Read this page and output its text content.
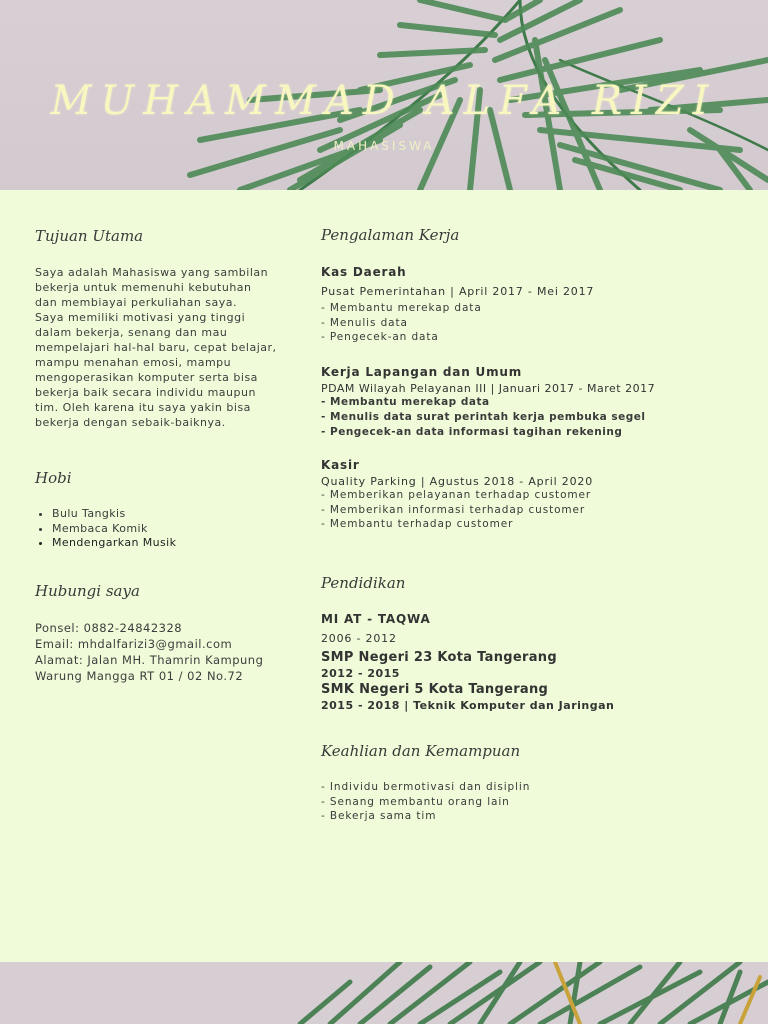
MUHAMMAD ALFA RIZI
MAHASISWA

Tujuan Utama

Saya adalah Mahasiswa yang sambilan

bekerja untuk memenuhi kebutuhan

dan membiayai perkuliahan saya.

Saya memiliki motivasi yang tinggi

dalam bekerja, senang dan mau

mempelajari hal-hal baru, cepat belajar,

mampu menahan emosi, mampu

mengoperasikan komputer serta bisa

bekerja baik secara individu maupun

tim. Oleh karena itu saya yakin bisa

bekerja dengan sebaik-baiknya.

Hobi

• Bulu Tangkis
• Membaca Komik
• Mendengarkan Musik

Hubungi saya

Ponsel: 0882-24842328

Email: mhdalfarizi3@gmail.com

Alamat: Jalan MH. Thamrin Kampung

Warung Mangga RT 01 / 02 No.72

Pengalaman Kerja

Kas Daerah

Pusat Pemerintahan | April 2017 - Mei 2017

- Membantu merekap data

- Menulis data

- Pengecek-an data

Kerja Lapangan dan Umum

PDAM Wilayah Pelayanan III | Januari 2017 - Maret 2017

- Membantu merekap data

- Menulis data surat perintah kerja pembuka segel

- Pengecek-an data informasi tagihan rekening

Kasir

Quality Parking | Agustus 2018 - April 2020

- Memberikan pelayanan terhadap customer

- Memberikan informasi terhadap customer

- Membantu terhadap customer

Pendidikan

MI AT - TAQWA

2006 - 2012

SMP Negeri 23 Kota Tangerang

2012 - 2015

SMK Negeri 5 Kota Tangerang

2015 - 2018 | Teknik Komputer dan Jaringan

Keahlian dan Kemampuan

- Individu bermotivasi dan disiplin

- Senang membantu orang lain

- Bekerja sama tim
